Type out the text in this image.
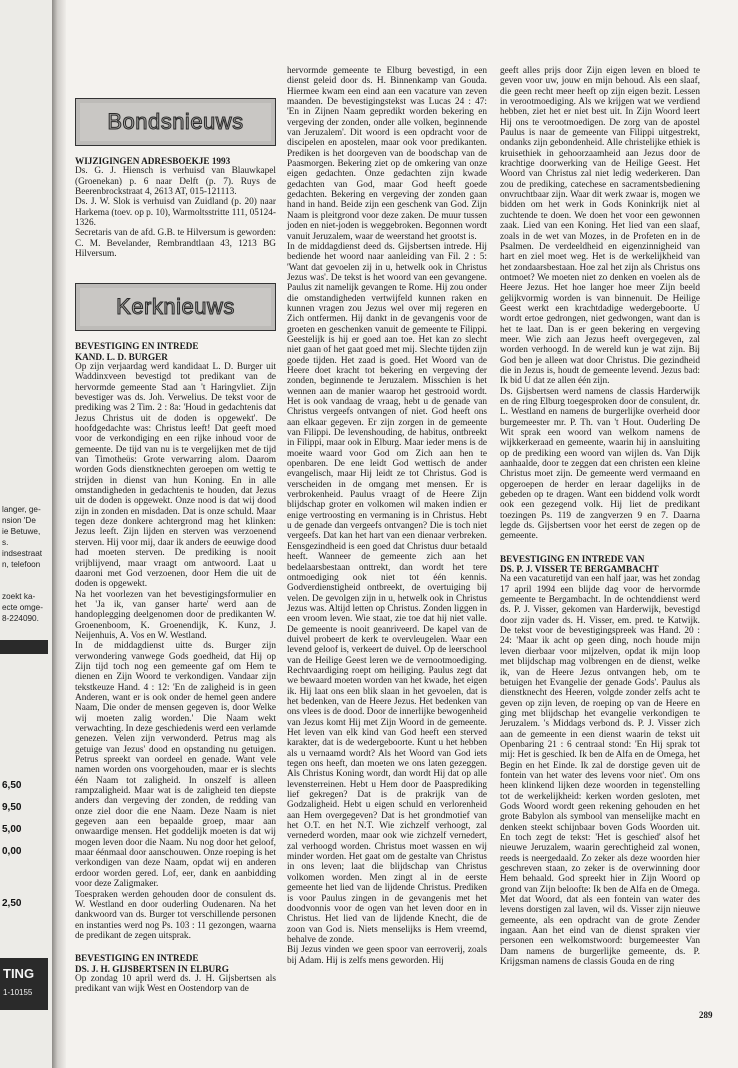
langer, ge-
nsion 'De
ie Betuwe,
s.
indsestraat
n, telefoon
zoekt ka-
ecte omge-
8-224090.
6,50
9,50
5,00
0,00
2,50
TING
1-10155
Bondsnieuws
WIJZIGINGEN ADRESBOEKJE 1993

Ds. G. J. Hiensch is verhuisd van Blauwkapel (Groenekan) p. 6 naar Delft (p. 7). Ruys de Beerenbrockstraat 4, 2613 AT, 015-121113.

Ds. J. W. Slok is verhuisd van Zuidland (p. 20) naar Harkema (toev. op p. 10), Warmoltsstritte 111, 05124-1326.

Secretaris van de afd. G.B. te Hilversum is geworden: C. M. Bevelander, Rembrandtlaan 43, 1213 BG Hilversum.

Kerknieuws
BEVESTIGING EN INTREDE
KAND. L. D. BURGER

Op zijn verjaardag werd kandidaat L. D. Burger uit Waddinxveen bevestigd tot predikant van de hervormde gemeente Stad aan 't Haringvliet. Zijn bevestiger was ds. Joh. Verwelius. De tekst voor de prediking was 2 Tim. 2 : 8a: 'Houd in gedachtenis dat Jezus Christus uit de doden is opgewekt'. De hoofdgedachte was: Christus leeft! Dat geeft moed voor de verkondiging en een rijke inhoud voor de gemeente. De tijd van nu is te vergelijken met de tijd van Timotheüs: Grote verwarring alom. Daarom worden Gods dienstknechten geroepen om wettig te strijden in dienst van hun Koning. En in alle omstandigheden in gedachtenis te houden, dat Jezus uit de doden is opgewekt. Onze nood is dat wij dood zijn in zonden en misdaden. Dat is onze schuld. Maar tegen deze donkere achtergrond mag het klinken: Jezus leeft. Zijn lijden en sterven was verzoenend sterven. Hij voor mij, daar ik anders de eeuwige dood had moeten sterven. De prediking is nooit vrijblijvend, maar vraagt om antwoord. Laat u daaroni met God verzoenen, door Hem die uit de doden is opgewekt.

Na het voorlezen van het bevestigingsformulier en het 'Ja ik, van ganser harte' werd aan de handoplegging deelgenomen door de predikanten W. Groenenboom, K. Groenendijk, K. Kunz, J. Neijenhuis, A. Vos en W. Westland.

In de middagdienst uitte ds. Burger zijn verwondering vanwege Gods goedheid, dat Hij op Zijn tijd toch nog een gemeente gaf om Hem te dienen en Zijn Woord te verkondigen. Vandaar zijn tekstkeuze Hand. 4 : 12: 'En de zaligheid is in geen Anderen, want er is ook onder de hemel geen andere Naam, Die onder de mensen gegeven is, door Welke wij moeten zalig worden.' Die Naam wekt verwachting. In deze geschiedenis werd een verlamde genezen. Velen zijn verwonderd. Petrus mag als getuige van Jezus' dood en opstanding nu getuigen. Petrus spreekt van oordeel en genade. Want vele namen worden ons voorgehouden, maar er is slechts één Naam tot zaligheid. In onszelf is alleen rampzaligheid. Maar wat is de zaligheid ten diepste anders dan vergeving der zonden, de redding van onze ziel door die ene Naam. Deze Naam is niet gegeven aan een bepaalde groep, maar aan onwaardige mensen. Het goddelijk moeten is dat wij mogen leven door die Naam. Nu nog door het geloof, maar éénmaal door aanschouwen. Onze roeping is het verkondigen van deze Naam, opdat wij en anderen erdoor worden gered. Lof, eer, dank en aanbidding voor deze Zaligmaker.

Toespraken werden gehouden door de consulent ds. W. Westland en door ouderling Oudenaren. Na het dankwoord van ds. Burger tot verschillende personen en instanties werd nog Ps. 103 : 11 gezongen, waarna de predikant de zegen uitsprak.

BEVESTIGING EN INTREDE
DS. J. H. GIJSBERTSEN IN ELBURG

Op zondag 10 april werd ds. J. H. Gijsbertsen als predikant van wijk West en Oostendorp van de

hervormde gemeente te Elburg bevestigd, in een dienst geleid door ds. H. Binnenkamp van Gouda. Hiermee kwam een eind aan een vacature van zeven maanden. De bevestigingstekst was Lucas 24 : 47: 'En in Zijnen Naam gepredikt worden bekering en vergeving der zonden, onder alle volken, beginnende van Jeruzalem'. Dit woord is een opdracht voor de discipelen en apostelen, maar ook voor predikanten. Prediken is het doorgeven van de boodschap van de Paasmorgen. Bekering ziet op de omkering van onze eigen gedachten. Onze gedachten zijn kwade gedachten van God, maar God heeft goede gedachten. Bekering en vergeving der zonden gaan hand in hand. Beide zijn een geschenk van God. Zijn Naam is pleitgrond voor deze zaken. De muur tussen joden en niet-joden is weggebroken. Begonnen wordt vanuit Jeruzalem, waar de weerstand het grootst is.

In de middagdienst deed ds. Gijsbertsen intrede. Hij bediende het woord naar aanleiding van Fil. 2 : 5: 'Want dat gevoelen zij in u, hetwelk ook in Christus Jezus was'. De tekst is het woord van een gevangene. Paulus zit namelijk gevangen te Rome. Hij zou onder die omstandigheden vertwijfeld kunnen raken en kunnen vragen zou Jezus wel over mij regeren en Zich ontfermen. Hij dankt in de gevangenis voor de groeten en geschenken vanuit de gemeente te Filippi. Geestelijk is hij er goed aan toe. Het kan zo slecht niet gaan of het gaat goed met mij. Slechte tijden zijn goede tijden. Het zaad is goed. Het Woord van de Heere doet kracht tot bekering en vergeving der zonden, beginnende te Jeruzalem. Misschien is het wennen aan de manier waarop het gestrooid wordt. Het is ook vandaag de vraag, hebt u de genade van Christus vergeefs ontvangen of niet. God heeft ons aan elkaar gegeven. Er zijn zorgen in de gemeente van Filippi. De levenshouding, de habitus, ontbreekt in Filippi, maar ook in Elburg. Maar ieder mens is de moeite waard voor God om Zich aan hen te openbaren. De ene leidt God wettisch de ander evangelisch, maar Hij leidt ze tot Christus. God is verscheiden in de omgang met mensen. Er is verbrokenheid. Paulus vraagt of de Heere Zijn blijdschap groter en volkomen wil maken indien er enige vertroosting en vermaning is in Christus. Hebt u de genade dan vergeefs ontvangen? Die is toch niet vergeefs. Dat kan het hart van een dienaar verbreken. Eensgezindheid is een goed dat Christus duur betaald heeft. Wanneer de gemeente zich aan het bedelaarsbestaan onttrekt, dan wordt het tere ontmoediging ook niet tot één kennis. Godverdienstigheid ontbreekt, de overtuiging bij velen. De gevolgen zijn in u, hetwelk ook in Christus Jezus was. Altijd letten op Christus. Zonden liggen in een vroom leven. Wie staat, zie toe dat hij niet valle. De gemeente is nooit geanriveerd. De kapel van de duivel probeert de kerk te overvleugelen. Waar een levend geloof is, verkeert de duivel. Op de leerschool van de Heilige Geest leren we de vernootmoediging. Rechtvaardiging roept om heiliging. Paulus zegt dat we bewaard moeten worden van het kwade, het eigen ik. Hij laat ons een blik slaan in het gevoelen, dat is het bedenken, van de Heere Jezus. Het bedenken van ons vlees is de dood. Door de innerlijke bewogenheid van Jezus komt Hij met Zijn Woord in de gemeente. Het leven van elk kind van God heeft een sterved karakter, dat is de wedergeboorte. Kunt u het hebben als u vernaamd wordt? Als het Woord van God iets tegen ons heeft, dan moeten we ons laten gezeggen. Als Christus Koning wordt, dan wordt Hij dat op alle levensterreinen. Hebt u Hem door de Paasprediking lief gekregen? Dat is de prakrijk van de Godzaligheid. Hebt u eigen schuld en verlorenheid aan Hem overgegeven? Dat is het grondmotief van het O.T. en het N.T. Wie zichzelf verhoogt, zal vernederd worden, maar ook wie zichzelf vernedert, zal verhoogd worden. Christus moet wassen en wij minder worden. Het gaat om de gestalte van Christus in ons leven; laat die blijdschap van Christus volkomen worden. Men zingt al in de eerste gemeente het lied van de lijdende Christus. Prediken is voor Paulus zingen in de gevangenis met het doodvonnis voor de ogen van het leven door en in Christus. Het lied van de lijdende Knecht, die de zoon van God is. Niets menselijks is Hem vreemd, behalve de zonde.

Bij Jezus vinden we geen spoor van eerroverij, zoals bij Adam. Hij is zelfs mens geworden. Hij

geeft alles prijs door Zijn eigen leven en bloed te geven voor uw, jouw en mijn behoud. Als een slaaf, die geen recht meer heeft op zijn eigen bezit. Lessen in verootmoediging. Als we krijgen wat we verdiend hebben, ziet het er niet best uit. In Zijn Woord leert Hij ons te verootmoedigen. De zorg van de apostel Paulus is naar de gemeente van Filippi uitgestrekt, ondanks zijn gebondenheid. Alle christelijke ethiek is kruisethiek in gehoorzaamheid aan Jezus door de krachtige doorwerking van de Heilige Geest. Het Woord van Christus zal niet ledig wederkeren. Dan zou de prediking, catechese en sacramentsbediening onvruchtbaar zijn. Waar dit werk zwaar is, mogen we bidden om het werk in Gods Koninkrijk niet al zuchtende te doen. We doen het voor een gewonnen zaak. Lied van een Koning. Het lied van een slaaf, zoals in de wet van Mozes, in de Profeten en in de Psalmen. De verdeeldheid en eigenzinnigheid van hart en ziel moet weg. Het is de werkelijkheid van het zondaarsbestaan. Hoe zal het zijn als Christus ons ontmoet? We moeten niet zo denken en voelen als de Heere Jezus. Het hoe langer hoe meer Zijn beeld gelijkvormig worden is van binnenuit. De Heilige Geest werkt een krachtdadige wedergeboorte. U wordt ertoe gedrongen, niet gedwongen, want dan is het te laat. Dan is er geen bekering en vergeving meer. Wie zich aan Jezus heeft overgegeven, zal worden verhoogd. In de wereld kun je wat zijn. Bij God ben je alleen wat door Christus. Die gezindheid die in Jezus is, houdt de gemeente levend. Jezus bad: Ik bid U dat ze allen één zijn.

Ds. Gijsbertsen werd namens de classis Harderwijk en de ring Elburg toegesproken door de consulent, dr. L. Westland en namens de burgerlijke overheid door burgemeester mr. P. Th. van 't Hout. Ouderling De Wit sprak een woord van welkom namens de wijkkerkeraad en gemeente, waarin hij in aansluiting op de prediking een woord van wijlen ds. Van Dijk aanhaalde, door te zeggen dat een christen een kleine Christus moet zijn. De gemeente werd vermaand en opgeroepen de herder en leraar dagelijks in de gebeden op te dragen. Want een biddend volk wordt ook een gezegend volk. Hij liet de predikant toezingen Ps. 119 de zangverzen 9 en 7. Daarna legde ds. Gijsbertsen voor het eerst de zegen op de gemeente.

BEVESTIGING EN INTREDE VAN
DS. P. J. VISSER TE BERGAMBACHT

Na een vacaturetijd van een half jaar, was het zondag 17 april 1994 een blijde dag voor de hervormde gemeente te Bergambacht. In de ochtenddienst werd ds. P. J. Visser, gekomen van Harderwijk, bevestigd door zijn vader ds. H. Visser, em. pred. te Katwijk. De tekst voor de bevestigingspreek was Hand. 20 : 24: 'Maar ik acht op geen ding, noch houde mijn leven dierbaar voor mijzelven, opdat ik mijn loop met blijdschap mag volbrengen en de dienst, welke ik, van de Heere Jezus ontvangen heb, om te betuigen het Evangelie der genade Gods'. Paulus als dienstknecht des Heeren, volgde zonder zelfs acht te geven op zijn leven, de roeping op van de Heere en ging met blijdschap het evangelie verkondigen te Jeruzalem. 's Middags verbond ds. P. J. Visser zich aan de gemeente in een dienst waarin de tekst uit Openbaring 21 : 6 centraal stond: 'En Hij sprak tot mij: Het is geschied. Ik ben de Alfa en de Omega, het Begin en het Einde. Ik zal de dorstige geven uit de fontein van het water des levens voor niet'. Om ons heen klinkend lijken deze woorden in tegenstelling tot de werkelijkheid: kerken worden gesloten, met Gods Woord wordt geen rekening gehouden en het grote Babylon als symbool van menselijke macht en denken steekt schijnbaar boven Gods Woorden uit. En toch zegt de tekst: 'Het is geschied' alsof het nieuwe Jeruzalem, waarin gerechtigheid zal wonen, reeds is neergedaald. Zo zeker als deze woorden hier geschreven staan, zo zeker is de overwinning door Hem behaald. God spreekt hier in Zijn Woord op grond van Zijn beloofte: Ik ben de Alfa en de Omega. Met dat Woord, dat als een fontein van water des levens dorstigen zal laven, wil ds. Visser zijn nieuwe gemeente, als een opdracht van de grote Zender ingaan. Aan het eind van de dienst spraken vier personen een welkomstwoord: burgemeester Van Dam namens de burgerlijke gemeente, ds. P. Krijgsman namens de classis Gouda en de ring

289
